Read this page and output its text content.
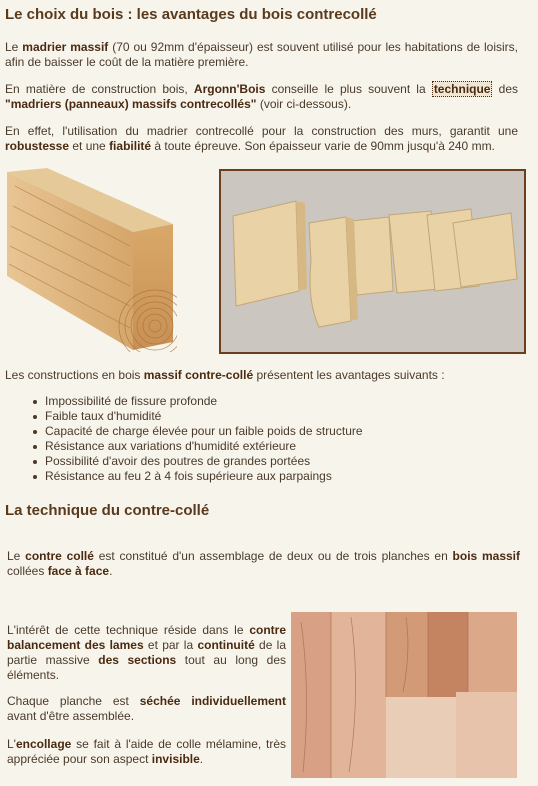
Le choix du bois : les avantages du bois contrecollé

Le madrier massif (70 ou 92mm d'épaisseur) est souvent utilisé pour les habitations de loisirs, afin de baisser le coût de la matière première.

En matière de construction bois, Argonn'Bois conseille le plus souvent la technique des "madriers (panneaux) massifs contrecollés" (voir ci-dessous).

En effet, l'utilisation du madrier contrecollé pour la construction des murs, garantit une robustesse et une fiabilité à toute épreuve. Son épaisseur varie de 90mm jusqu'à 240 mm.

Les constructions en bois massif contre-collé présentent les avantages suivants :

Impossibilité de fissure profonde
Faible taux d'humidité
Capacité de charge élevée pour un faible poids de structure
Résistance aux variations d'humidité extérieure
Possibilité d'avoir des poutres de grandes portées
Résistance au feu 2 à 4 fois supérieure aux parpaings
La technique du contre-collé

Le contre collé est constitué d'un assemblage de deux ou de trois planches en bois massif collées face à face.

L'intérêt de cette technique réside dans le contre balancement des lames et par la continuité de la partie massive des sections tout au long des éléments.

Chaque planche est séchée individuellement avant d'être assemblée.

L'encollage se fait à l'aide de colle mélamine, très appréciée pour son aspect invisible.
